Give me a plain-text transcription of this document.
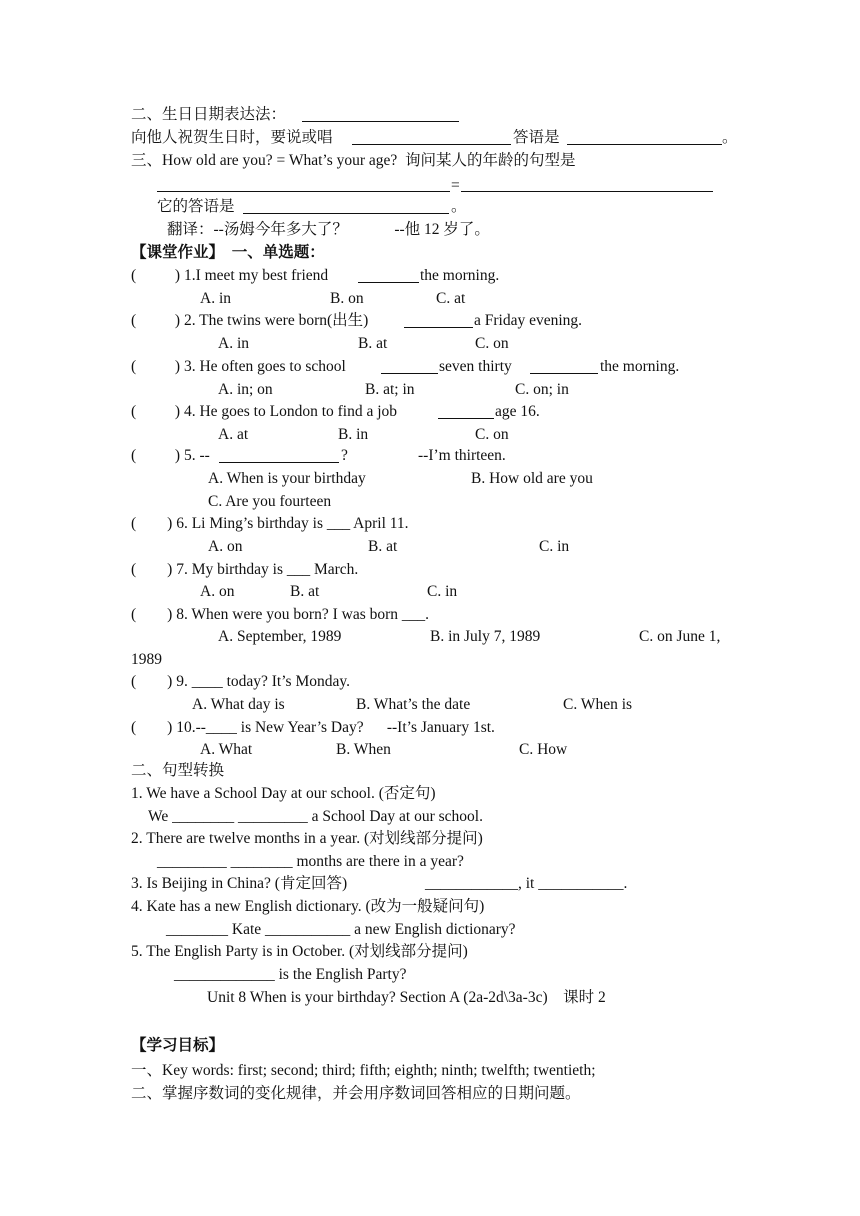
二、生日日期表达法：
向他人祝贺生日时，要说或唱	答语是	。
三、How old are you? = What’s your age?  询问某人的年龄的句型是
=
它的答语是	。
翻译：--汤姆今年多大了？            --他 12 岁了。
【课堂作业】  一、单选题：
(          ) 1.I meet my best friend	the morning.
A. in	B. on	C. at
(          ) 2. The twins were born(出生)	a Friday evening.
A. in	B. at	C. on
(          ) 3. He often goes to school	seven thirty	the morning.
A. in; on	B. at; in	C. on; in
(          ) 4. He goes to London to find a job	age 16.
A. at	B. in	C. on
(          ) 5. --	?	--I’m thirteen.
A. When is your birthday	B. How old are you
C. Are you fourteen
(        ) 6. Li Ming’s birthday is ___ April 11.
A. on	B. at	C. in
(        ) 7. My birthday is ___ March.
A. on	B. at	C. in
(        ) 8. When were you born? I was born ___.
A. September, 1989	B. in July 7, 1989	C. on June 1,
1989
(        ) 9. ____ today? It’s Monday.
A. What day is	B. What’s the date	C. When is
(        ) 10.--____ is New Year’s Day?      --It’s January 1st.
A. What	B. When	C. How
二、句型转换
1. We have a School Day at our school. (否定句)
We ________ _________ a School Day at our school.
2. There are twelve months in a year. (对划线部分提问)
_________ ________ months are there in a year?
3. Is Beijing in China? (肯定回答)	____________, it ___________.
4. Kate has a new English dictionary. (改为一般疑问句)
________ Kate ___________ a new English dictionary?
5. The English Party is in October. (对划线部分提问)
_____________ is the English Party?
Unit 8 When is your birthday? Section A (2a-2d\3a-3c)    课时 2
【学习目标】
一、Key words: first; second; third; fifth; eighth; ninth; twelfth; twentieth;
二、掌握序数词的变化规律，并会用序数词回答相应的日期问题。
